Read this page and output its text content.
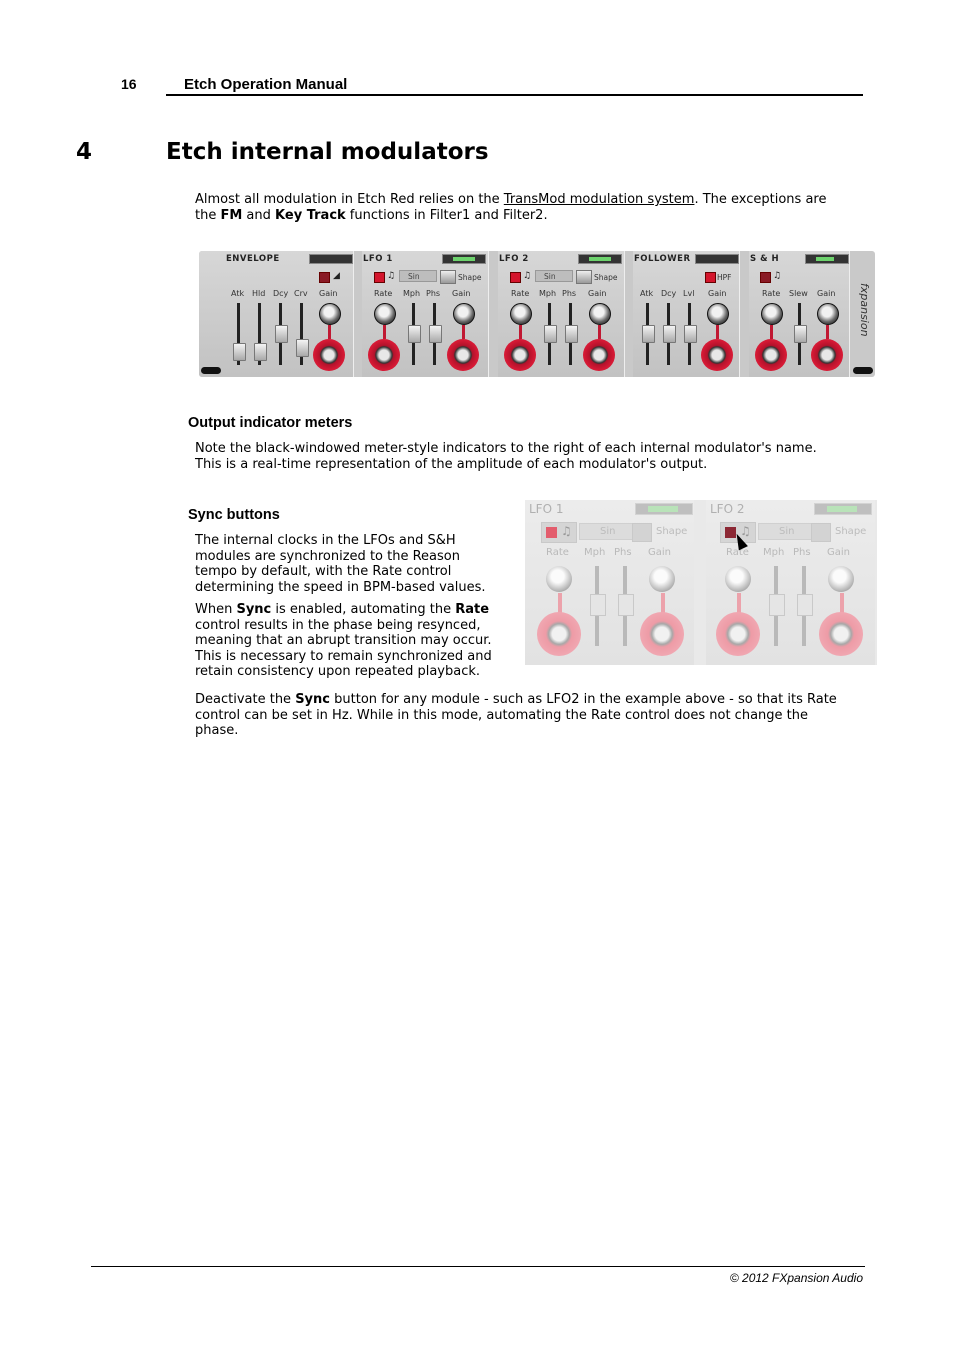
16	Etch Operation Manual
4	Etch internal modulators
Almost all modulation in Etch Red relies on the TransMod modulation system. The exceptions are
the FM and Key Track functions in Filter1 and Filter2.
ENVELOPE
◢
Atk Hld Dcy Crv Gain
LFO 1
♫	Sin	Shape
Rate Mph Phs Gain
LFO 2
♫	Sin	Shape
Rate Mph Phs Gain
FOLLOWER
HPF
Atk Dcy Lvl Gain
S & H
♫
Rate Slew Gain fxpansion
Output indicator meters
Note the black-windowed meter-style indicators to the right of each internal modulator's name.
This is a real-time representation of the amplitude of each modulator's output.
Sync buttons
The internal clocks in the LFOs and S&H
modules are synchronized to the Reason
tempo by default, with the Rate control
determining the speed in BPM-based values.
When Sync is enabled, automating the Rate
control results in the phase being resynced,
meaning that an abrupt transition may occur.
This is necessary to remain synchronized and
retain consistency upon repeated playback.
LFO 1
♫	Sin	Shape
Rate Mph Phs Gain
LFO 2
♫	Sin	Shape
Rate Mph Phs Gain
Deactivate the Sync button for any module - such as LFO2 in the example above - so that its Rate
control can be set in Hz. While in this mode, automating the Rate control does not change the
phase.
© 2012 FXpansion Audio
